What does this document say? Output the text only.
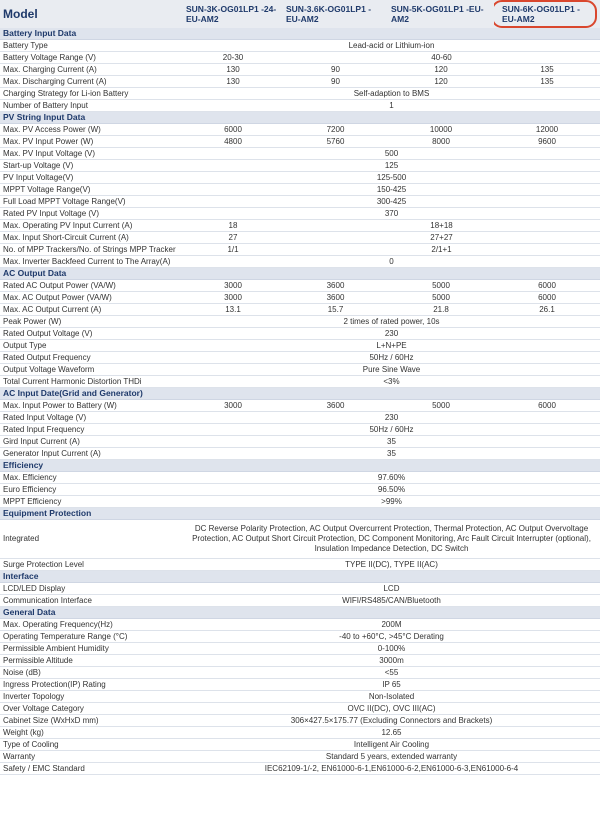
Model	SUN-3K-OG01LP1 -24-EU-AM2	SUN-3.6K-OG01LP1 -EU-AM2	SUN-5K-OG01LP1 -EU-AM2	SUN-6K-OG01LP1 -EU-AM2
Battery Input Data				
Battery Type	Lead-acid or Lithium-ion			
Battery Voltage Range (V)	20-30	40-60		
Max. Charging Current (A)	130	90	120	135
Max. Discharging Current (A)	130	90	120	135
Charging Strategy for Li-ion Battery	Self-adaption to BMS			
Number of Battery Input	1			
PV String Input Data				
Max. PV Access Power (W)	6000	7200	10000	12000
Max. PV Input Power (W)	4800	5760	8000	9600
Max. PV Input Voltage (V)	500			
Start-up Voltage (V)	125			
PV Input Voltage(V)	125-500			
MPPT Voltage Range(V)	150-425			
Full Load MPPT Voltage Range(V)	300-425			
Rated PV Input Voltage (V)	370			
Max. Operating PV Input Current (A)	18	18+18		
Max. Input Short-Circuit Current (A)	27	27+27		
No. of MPP Trackers/No. of Strings MPP Tracker	1/1	2/1+1		
Max. Inverter Backfeed Current to The Array(A)	0			
AC Output Data				
Rated AC Output Power (VA/W)	3000	3600	5000	6000
Max. AC Output Power (VA/W)	3000	3600	5000	6000
Max. AC Output Current (A)	13.1	15.7	21.8	26.1
Peak Power (W)	2 times of rated power, 10s			
Rated Output Voltage (V)	230			
Output Type	L+N+PE			
Rated Output Frequency	50Hz / 60Hz			
Output Voltage Waveform	Pure Sine Wave			
Total Current Harmonic Distortion THDi	<3%			
AC Input Date(Grid and Generator)				
Max. Input Power to Battery (W)	3000	3600	5000	6000
Rated Input Voltage (V)	230			
Rated Input Frequency	50Hz / 60Hz			
Gird Input Current (A)	35			
Generator Input Current (A)	35			
Efficiency				
Max. Efficiency	97.60%			
Euro Efficiency	96.50%			
MPPT Efficiency	>99%			
Equipment Protection				
Integrated	DC Reverse Polarity Protection, AC Output Overcurrent Protection, Thermal Protection, AC Output Overvoltage Protection, AC Output Short Circuit Protection, DC Component Monitoring, Arc Fault Circuit Interrupter (optional), Insulation Impedance Detection, DC Switch			
Surge Protection Level	TYPE II(DC), TYPE II(AC)			
Interface				
LCD/LED Display	LCD			
Communication Interface	WIFI/RS485/CAN/Bluetooth			
General Data				
Max. Operating Frequency(Hz)	200M			
Operating Temperature Range (°C)	-40 to +60°C, >45°C Derating			
Permissible Ambient Humidity	0-100%			
Permissible Altitude	3000m			
Noise (dB)	<55			
Ingress Protection(IP) Rating	IP 65			
Inverter Topology	Non-Isolated			
Over Voltage Category	OVC II(DC), OVC III(AC)			
Cabinet Size (WxHxD mm)	306×427.5×175.77 (Excluding Connectors and Brackets)			
Weight (kg)	12.65			
Type of Cooling	Intelligent Air Cooling			
Warranty	Standard 5 years, extended warranty			
Safety / EMC Standard	IEC62109-1/-2, EN61000-6-1,EN61000-6-2,EN61000-6-3,EN61000-6-4			
